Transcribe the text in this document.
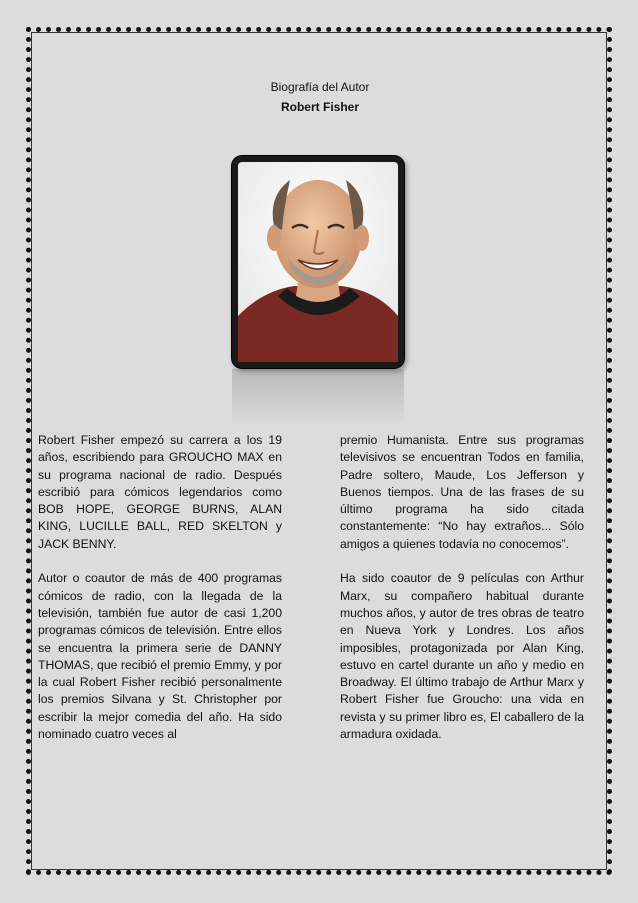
Biografía del Autor
Robert Fisher

Robert Fisher empezó su carrera a los 19 años, escribiendo para GROUCHO MAX en su programa nacional de radio. Después escribió para cómicos legendarios como BOB HOPE, GEORGE BURNS, ALAN KING, LUCILLE BALL, RED SKELTON y JACK BENNY.

Autor o coautor de más de 400 programas cómicos de radio, con la llegada de la televisión, también fue autor de casi 1,200 programas cómicos de televisión. Entre ellos se encuentra la primera serie de DANNY THOMAS, que recibió el premio Emmy, y por la cual Robert Fisher recibió personalmente los premios Silvana y St. Christopher por escribir la mejor comedia del año. Ha sido nominado cuatro veces al

premio Humanista. Entre sus programas televisivos se encuentran Todos en familia, Padre soltero, Maude, Los Jefferson y Buenos tiempos. Una de las frases de su último programa ha sido citada constantemente: “No hay extraños... Sólo amigos a quienes todavía no conocemos”.

Ha sido coautor de 9 películas con Arthur Marx, su compañero habitual durante muchos años, y autor de tres obras de teatro en Nueva York y Londres. Los años imposibles, protagonizada por Alan King, estuvo en cartel durante un año y medio en Broadway. El último trabajo de Arthur Marx y Robert Fisher fue Groucho: una vida en revista y su primer libro es, El caballero de la armadura oxidada.
